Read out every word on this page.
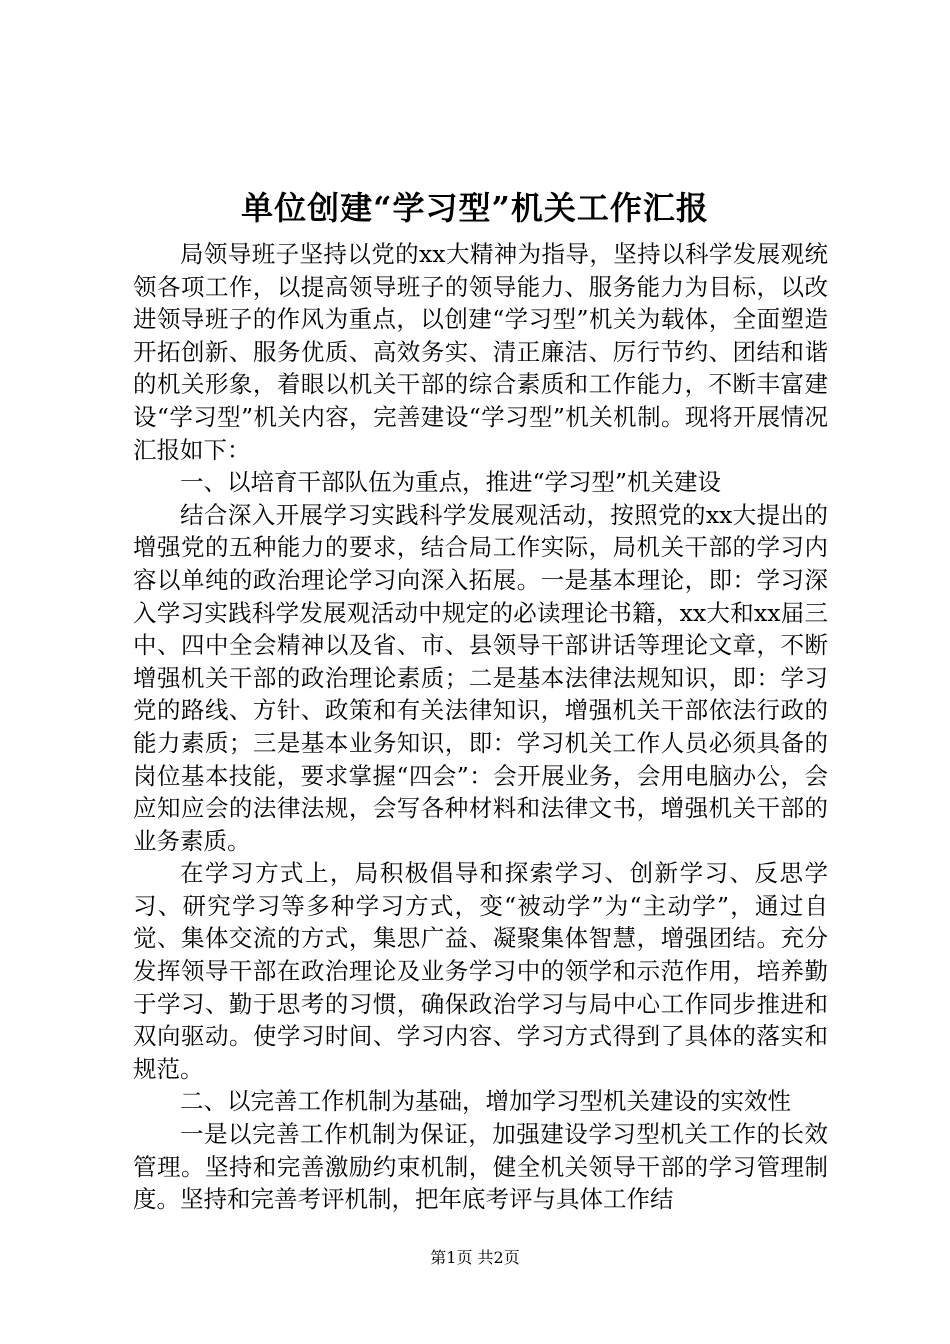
单位创建“学习型”机关工作汇报

局领导班子坚持以党的xx大精神为指导，坚持以科学发展观统领各项工作，以提高领导班子的领导能力、服务能力为目标，以改进领导班子的作风为重点，以创建“学习型”机关为载体，全面塑造开拓创新、服务优质、高效务实、清正廉洁、厉行节约、团结和谐的机关形象，着眼以机关干部的综合素质和工作能力，不断丰富建设“学习型”机关内容，完善建设“学习型”机关机制。现将开展情况汇报如下：

一、以培育干部队伍为重点，推进“学习型”机关建设

结合深入开展学习实践科学发展观活动，按照党的xx大提出的增强党的五种能力的要求，结合局工作实际，局机关干部的学习内容以单纯的政治理论学习向深入拓展。一是基本理论，即：学习深入学习实践科学发展观活动中规定的必读理论书籍，xx大和xx届三中、四中全会精神以及省、市、县领导干部讲话等理论文章，不断增强机关干部的政治理论素质；二是基本法律法规知识，即：学习党的路线、方针、政策和有关法律知识，增强机关干部依法行政的能力素质；三是基本业务知识，即：学习机关工作人员必须具备的岗位基本技能，要求掌握“四会”：会开展业务，会用电脑办公，会应知应会的法律法规，会写各种材料和法律文书，增强机关干部的业务素质。

在学习方式上，局积极倡导和探索学习、创新学习、反思学习、研究学习等多种学习方式，变“被动学”为“主动学”，通过自觉、集体交流的方式，集思广益、凝聚集体智慧，增强团结。充分发挥领导干部在政治理论及业务学习中的领学和示范作用，培养勤于学习、勤于思考的习惯，确保政治学习与局中心工作同步推进和双向驱动。使学习时间、学习内容、学习方式得到了具体的落实和规范。

二、以完善工作机制为基础，增加学习型机关建设的实效性

一是以完善工作机制为保证，加强建设学习型机关工作的长效管理。坚持和完善激励约束机制，健全机关领导干部的学习管理制度。坚持和完善考评机制，把年底考评与具体工作结

第1页 共2页
